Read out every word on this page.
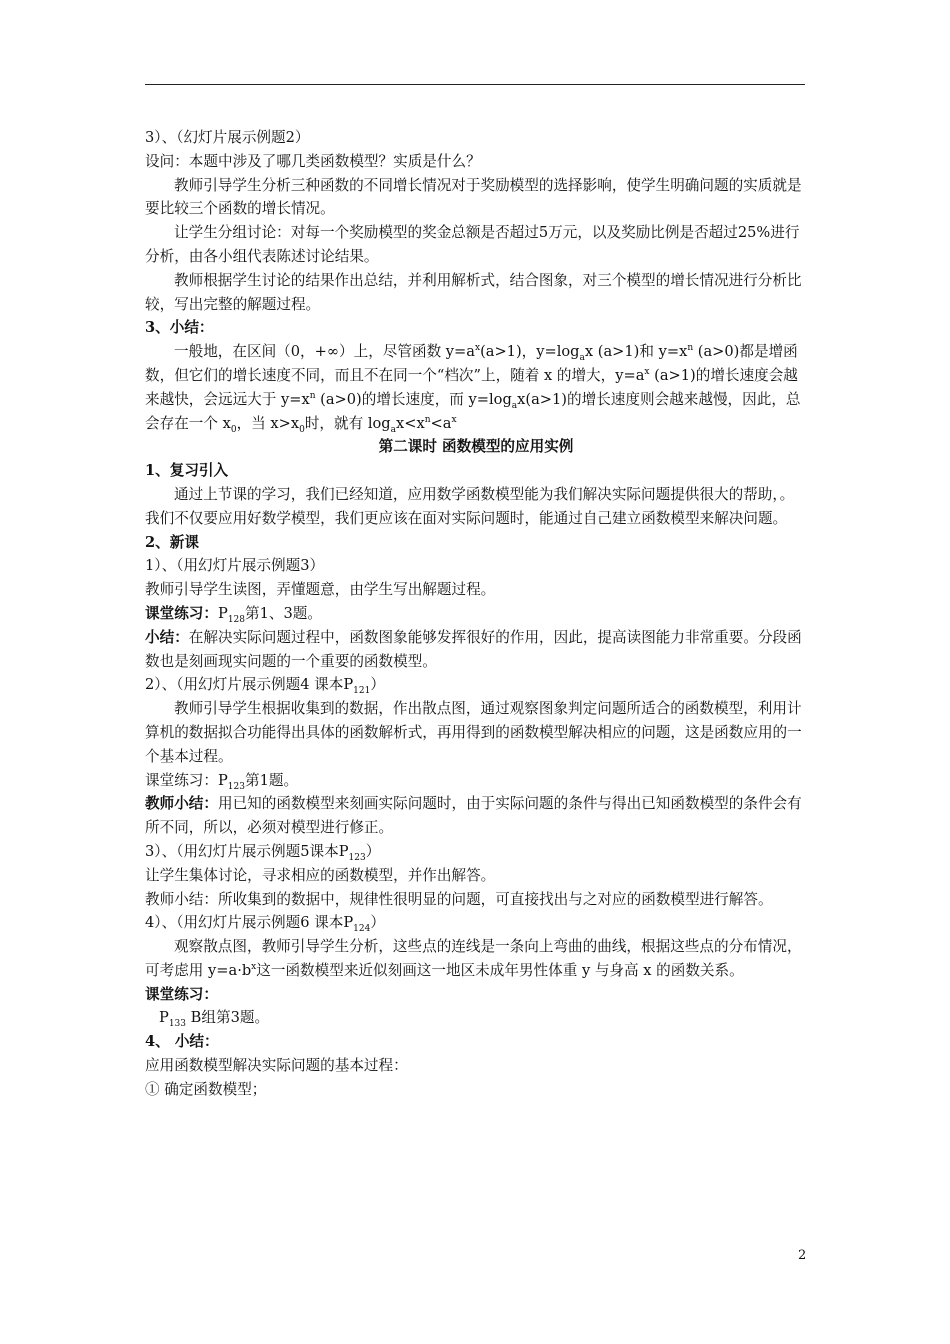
3）、（幻灯片展示例题2）

设问：本题中涉及了哪几类函数模型？实质是什么？

教师引导学生分析三种函数的不同增长情况对于奖励模型的选择影响，使学生明确问题的实质就是要比较三个函数的增长情况。

让学生分组讨论：对每一个奖励模型的奖金总额是否超过5万元，以及奖励比例是否超过25%进行分析，由各小组代表陈述讨论结果。

教师根据学生讨论的结果作出总结，并利用解析式，结合图象，对三个模型的增长情况进行分析比较，写出完整的解题过程。

3、小结：

一般地，在区间（0，+∞）上，尽管函数 $y=a^x(a>1)$，$y=\log_ax$ (a>1)和 $y=x^n$ (a>0)都是增函数，但它们的增长速度不同，而且不在同一个“档次”上，随着 x 的增大，$y=a^x$ (a>1)的增长速度会越来越快，会远远大于 $y=x^n$ (a>0)的增长速度，而 $y=\log_ax(a>1)$的增长速度则会越来越慢，因此，总会存在一个 $x_0$，当 $x>x_0$时，就有 $\log_ax<x^n<a^x$

第二课时 函数模型的应用实例

1、复习引入

通过上节课的学习，我们已经知道，应用数学函数模型能为我们解决实际问题提供很大的帮助，。我们不仅要应用好数学模型，我们更应该在面对实际问题时，能通过自己建立函数模型来解决问题。

2、新课

1）、（用幻灯片展示例题3）

教师引导学生读图，弄懂题意，由学生写出解题过程。

课堂练习：$P_{128}$第1、3题。

小结：在解决实际问题过程中，函数图象能够发挥很好的作用，因此，提高读图能力非常重要。分段函数也是刻画现实问题的一个重要的函数模型。

2）、（用幻灯片展示例题4 课本$P_{121}$）

教师引导学生根据收集到的数据，作出散点图，通过观察图象判定问题所适合的函数模型，利用计算机的数据拟合功能得出具体的函数解析式，再用得到的函数模型解决相应的问题，这是函数应用的一个基本过程。

课堂练习：$P_{123}$第1题。

教师小结：用已知的函数模型来刻画实际问题时，由于实际问题的条件与得出已知函数模型的条件会有所不同，所以，必须对模型进行修正。

3）、（用幻灯片展示例题5课本$P_{123}$）

让学生集体讨论，寻求相应的函数模型，并作出解答。

教师小结：所收集到的数据中，规律性很明显的问题，可直接找出与之对应的函数模型进行解答。

4）、（用幻灯片展示例题6 课本$P_{124}$）

观察散点图，教师引导学生分析，这些点的连线是一条向上弯曲的曲线，根据这些点的分布情况，可考虑用 $y=a\cdot b^x$这一函数模型来近似刻画这一地区未成年男性体重 y 与身高 x 的函数关系。

课堂练习：

$P_{133}$ B组第3题。

4、 小结：

应用函数模型解决实际问题的基本过程：

① 确定函数模型；

2
